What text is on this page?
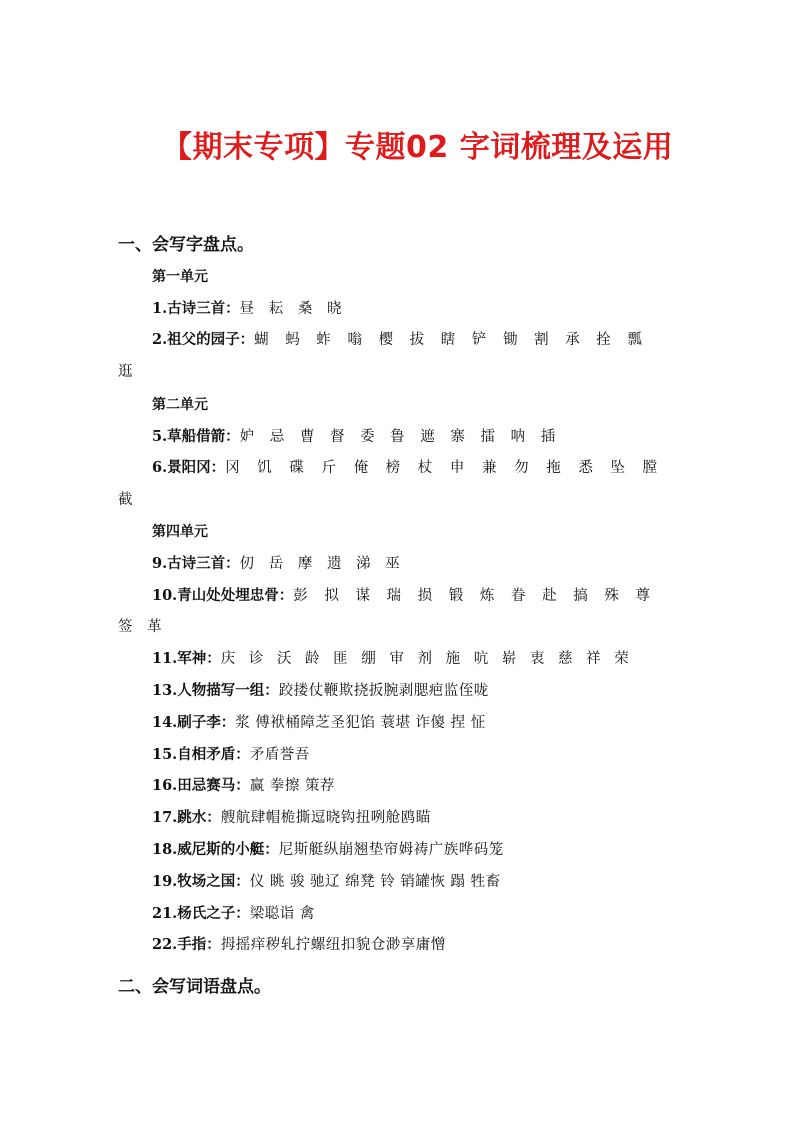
【期末专项】专题02 字词梳理及运用
一、会写字盘点。
第一单元
1.古诗三首：昼 耘 桑 晓
2.祖父的园子：蝴 蚂 蚱 嗡 樱 拔 瞎 铲 锄 割 承 拴 瓢
逛
第二单元
5.草船借箭：妒 忌 曹 督 委 鲁 遮 寨 擂 呐 插
6.景阳冈：冈 饥 碟 斤 俺 榜 杖 申 兼 勿 拖 悉 坠 膛
截
第四单元
9.古诗三首：仞 岳 摩 遗 涕 巫
10.青山处处埋忠骨：彭 拟 谋 瑞 损 锻 炼 眷 赴 搞 殊 尊
签 革
11.军神：庆 诊 沃 龄 匪 绷 审 剂 施 吭 崭 衷 慈 祥 荣
13.人物描写一组：跤搂仗鞭欺挠扳腕剥腮疤监侄咙
14.刷子李：浆 傅袱桶障芝圣犯馅 蓑堪 诈傻 捏 怔
15.自相矛盾：矛盾誉吾
16.田忌赛马：赢 拳擦 策荐
17.跳水：艘航肆帽桅撕逗晓钩扭咧舱鸥瞄
18.威尼斯的小艇：尼斯艇纵崩翘垫帘姆祷广族哗码笼
19.牧场之国：仪 眺 骏 驰辽 绵凳 铃 销罐恢 蹋 牲畜
21.杨氏之子：梁聪诣 禽
22.手指：拇摇痒秽轧拧螺纽扣貌仓渺享庸憎
二、会写词语盘点。
